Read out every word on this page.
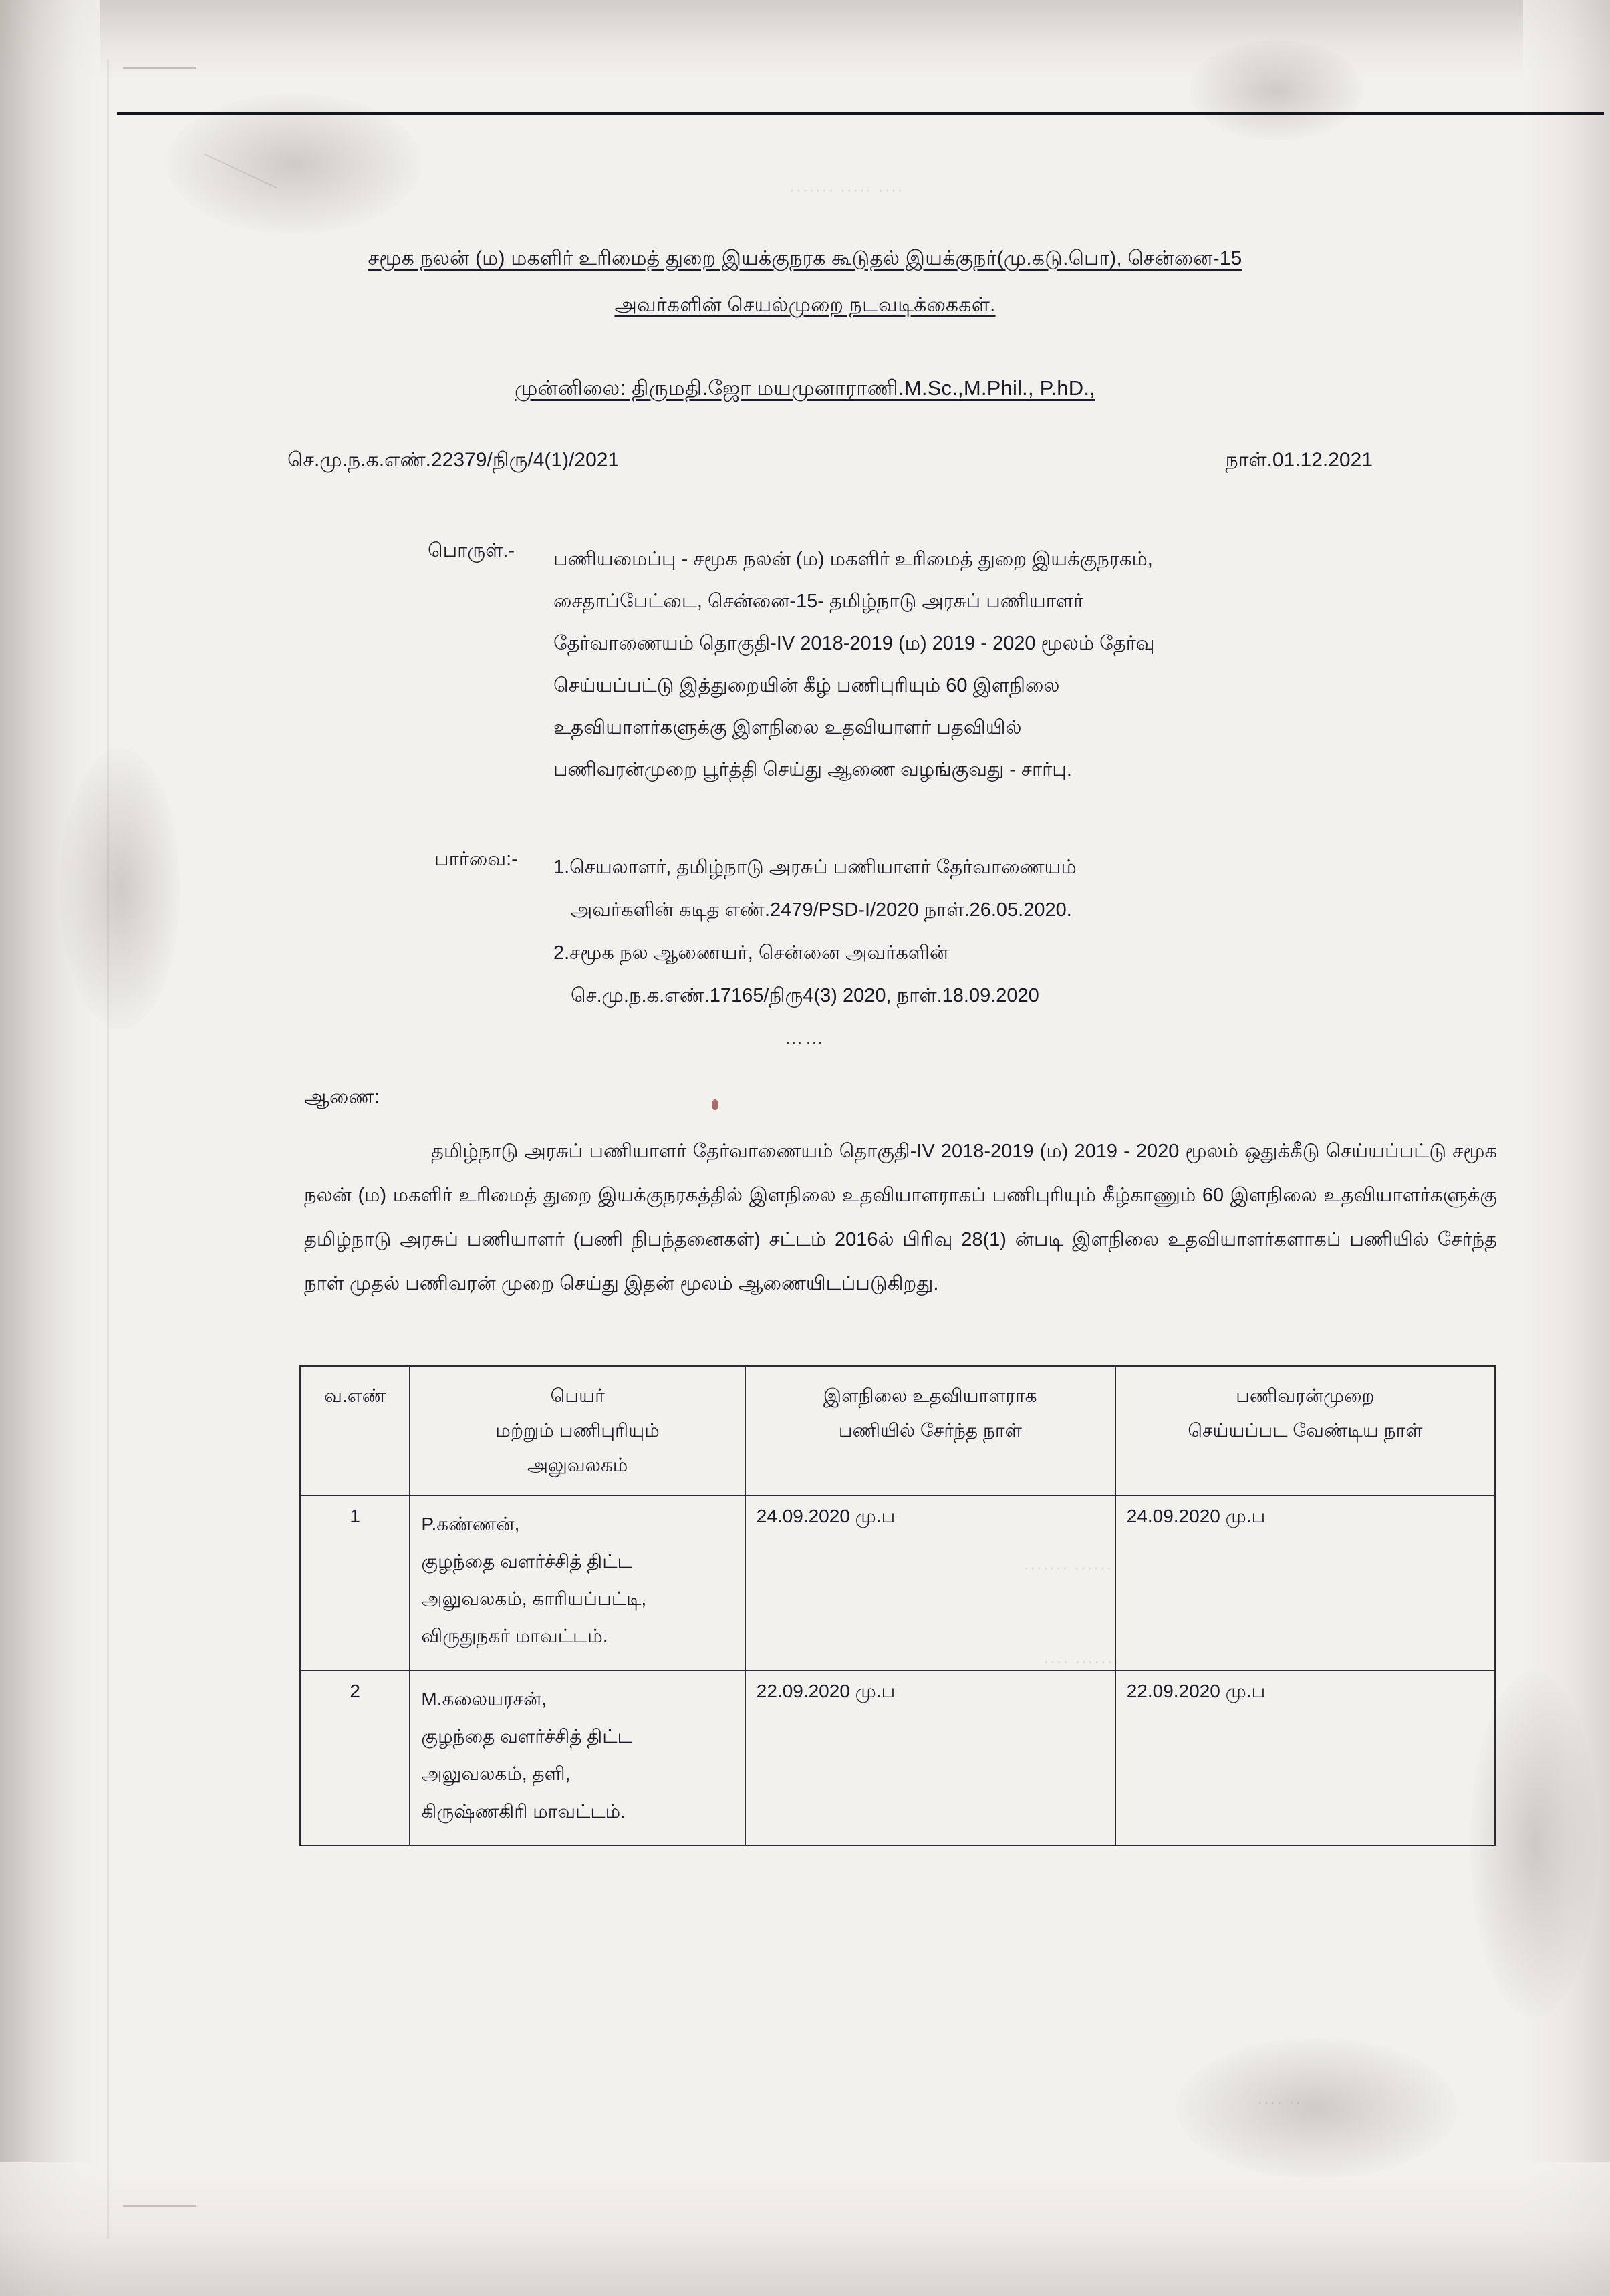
···· ····· ·······
······ ·······
······· ····
·· ····
சமூக நலன் (ம) மகளிர் உரிமைத் துறை இயக்குநரக கூடுதல் இயக்குநர்(மு.கடு.பொ), சென்னை-15
அவர்களின் செயல்முறை நடவடிக்கைகள்.
முன்னிலை: திருமதி.ஜோ மயமுனாராணி.M.Sc.,M.Phil., P.hD.,
செ.மு.ந.க.எண்.22379/நிரு/4(1)/2021	நாள்.01.12.2021
பொருள்.- பணியமைப்பு - சமூக நலன் (ம) மகளிர் உரிமைத் துறை இயக்குநரகம்,

சைதாப்பேட்டை, சென்னை-15- தமிழ்நாடு அரசுப் பணியாளர்

தேர்வாணையம் தொகுதி-IV 2018-2019 (ம) 2019 - 2020 மூலம் தேர்வு

செய்யப்பட்டு இத்துறையின் கீழ் பணிபுரியும் 60 இளநிலை

உதவியாளர்களுக்கு இளநிலை உதவியாளர் பதவியில்

பணிவரன்முறை பூர்த்தி செய்து ஆணை வழங்குவது - சார்பு.

பார்வை:- 1.செயலாளர், தமிழ்நாடு அரசுப் பணியாளர் தேர்வாணையம்
அவர்களின் கடித எண்.2479/PSD-I/2020 நாள்.26.05.2020.
2.சமூக நல ஆணையர், சென்னை அவர்களின்
செ.மு.ந.க.எண்.17165/நிரு4(3) 2020, நாள்.18.09.2020
……
ஆணை:

தமிழ்நாடு அரசுப் பணியாளர் தேர்வாணையம் தொகுதி-IV 2018-2019 (ம) 2019 - 2020 மூலம் ஒதுக்கீடு செய்யப்பட்டு சமூக நலன் (ம) மகளிர் உரிமைத் துறை இயக்குநரகத்தில் இளநிலை உதவியாளராகப் பணிபுரியும் கீழ்காணும் 60 இளநிலை உதவியாளர்களுக்கு தமிழ்நாடு அரசுப் பணியாளர் (பணி நிபந்தனைகள்) சட்டம் 2016ல் பிரிவு 28(1) ன்படி இளநிலை உதவியாளர்களாகப் பணியில் சேர்ந்த நாள் முதல் பணிவரன் முறை செய்து இதன் மூலம் ஆணையிடப்படுகிறது.

வ.எண்	பெயர்
மற்றும் பணிபுரியும்
அலுவலகம்	இளநிலை உதவியாளராக
பணியில் சேர்ந்த நாள்	பணிவரன்முறை
செய்யப்பட வேண்டிய நாள்

1	P.கண்ணன்,
குழந்தை வளர்ச்சித் திட்ட
அலுவலகம், காரியப்பட்டி,
விருதுநகர் மாவட்டம்.	24.09.2020 மு.ப	24.09.2020 மு.ப
2	M.கலையரசன்,
குழந்தை வளர்ச்சித் திட்ட
அலுவலகம், தளி,
கிருஷ்ணகிரி மாவட்டம்.	22.09.2020 மு.ப	22.09.2020 மு.ப
